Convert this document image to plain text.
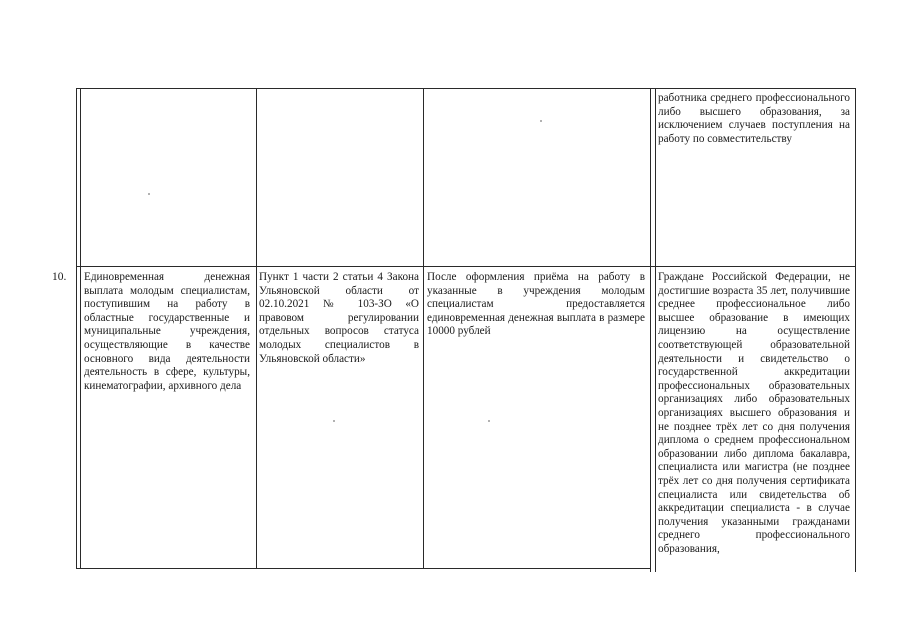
работника среднего профессионального либо высшего образования, за исключением случаев поступления на работу по совместительству

10. Единовременная денежная выплата молодым специалистам, поступившим на работу в областные государственные и муниципальные учреждения, осуществляющие в качестве основного вида деятельности деятельность в сфере, культуры, кинематографии, архивного дела

Пункт 1 части 2 статьи 4 Закона Ульяновской области от 02.10.2021 № 103-ЗО «О правовом регулировании отдельных вопросов статуса молодых специалистов в Ульяновской области»

После оформления приёма на работу в указанные в учреждения молодым специалистам предоставляется единовременная денежная выплата в размере 10000 рублей

Граждане Российской Федерации, не достигшие возраста 35 лет, получившие среднее профессиональное либо высшее образование в имеющих лицензию на осуществление соответствующей образовательной деятельности и свидетельство о государственной аккредитации профессиональных образовательных организациях либо образовательных организациях высшего образования и не позднее трёх лет со дня получения диплома о среднем профессиональном образовании либо диплома бакалавра, специалиста или магистра (не позднее трёх лет со дня получения сертификата специалиста или свидетельства об аккредитации специалиста - в случае получения указанными гражданами среднего профессионального образования,
